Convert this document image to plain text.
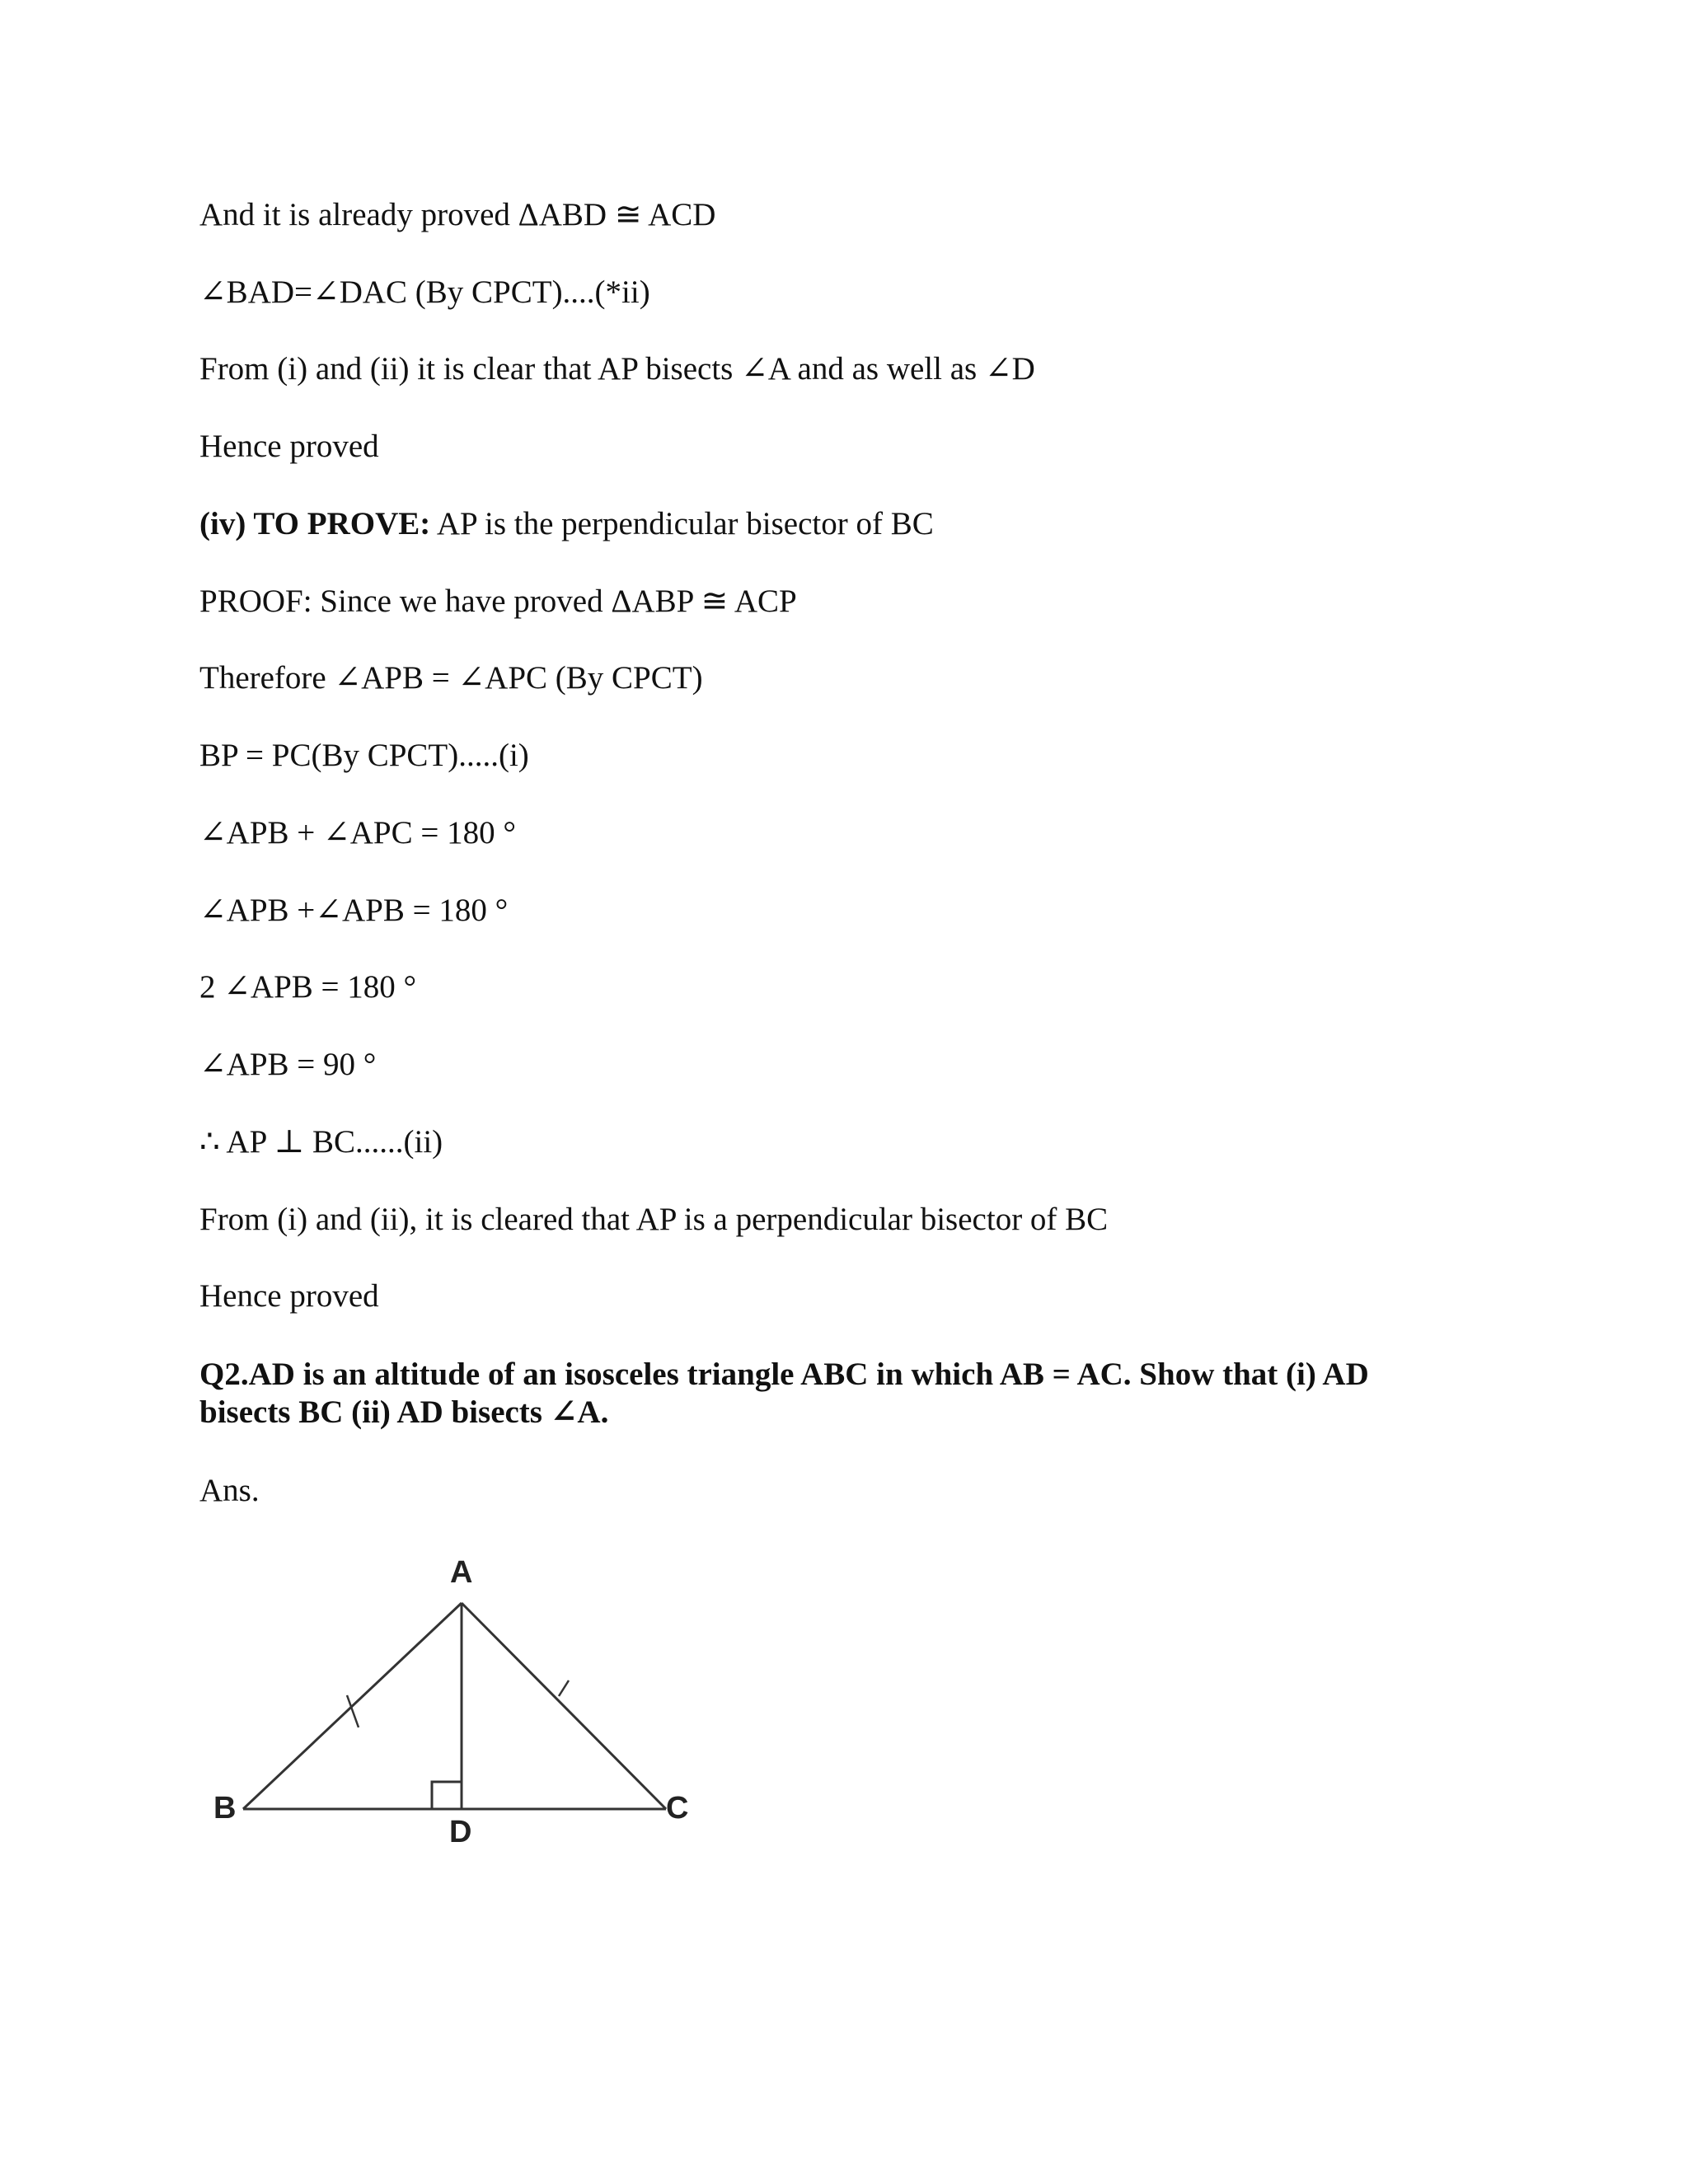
And it is already proved ΔABD ≅ ACD
∠BAD=∠DAC (By CPCT)....(*ii)
From (i) and (ii) it is clear that AP bisects ∠A and as well as ∠D
Hence proved
(iv) TO PROVE: AP is the perpendicular bisector of BC
PROOF: Since we have proved ΔABP ≅ ACP
Therefore ∠APB = ∠APC (By CPCT)
BP = PC(By CPCT).....(i)
∠APB + ∠APC = 180 °
∠APB +∠APB = 180 °
2 ∠APB = 180 °
∠APB = 90 °
∴ AP ⊥ BC......(ii)
From (i) and (ii), it is cleared that AP is a perpendicular bisector of BC
Hence proved
Q2.AD is an altitude of an isosceles triangle ABC in which AB = AC. Show that (i) AD
bisects BC (ii) AD bisects ∠A.
Ans.
A
B	C
D
